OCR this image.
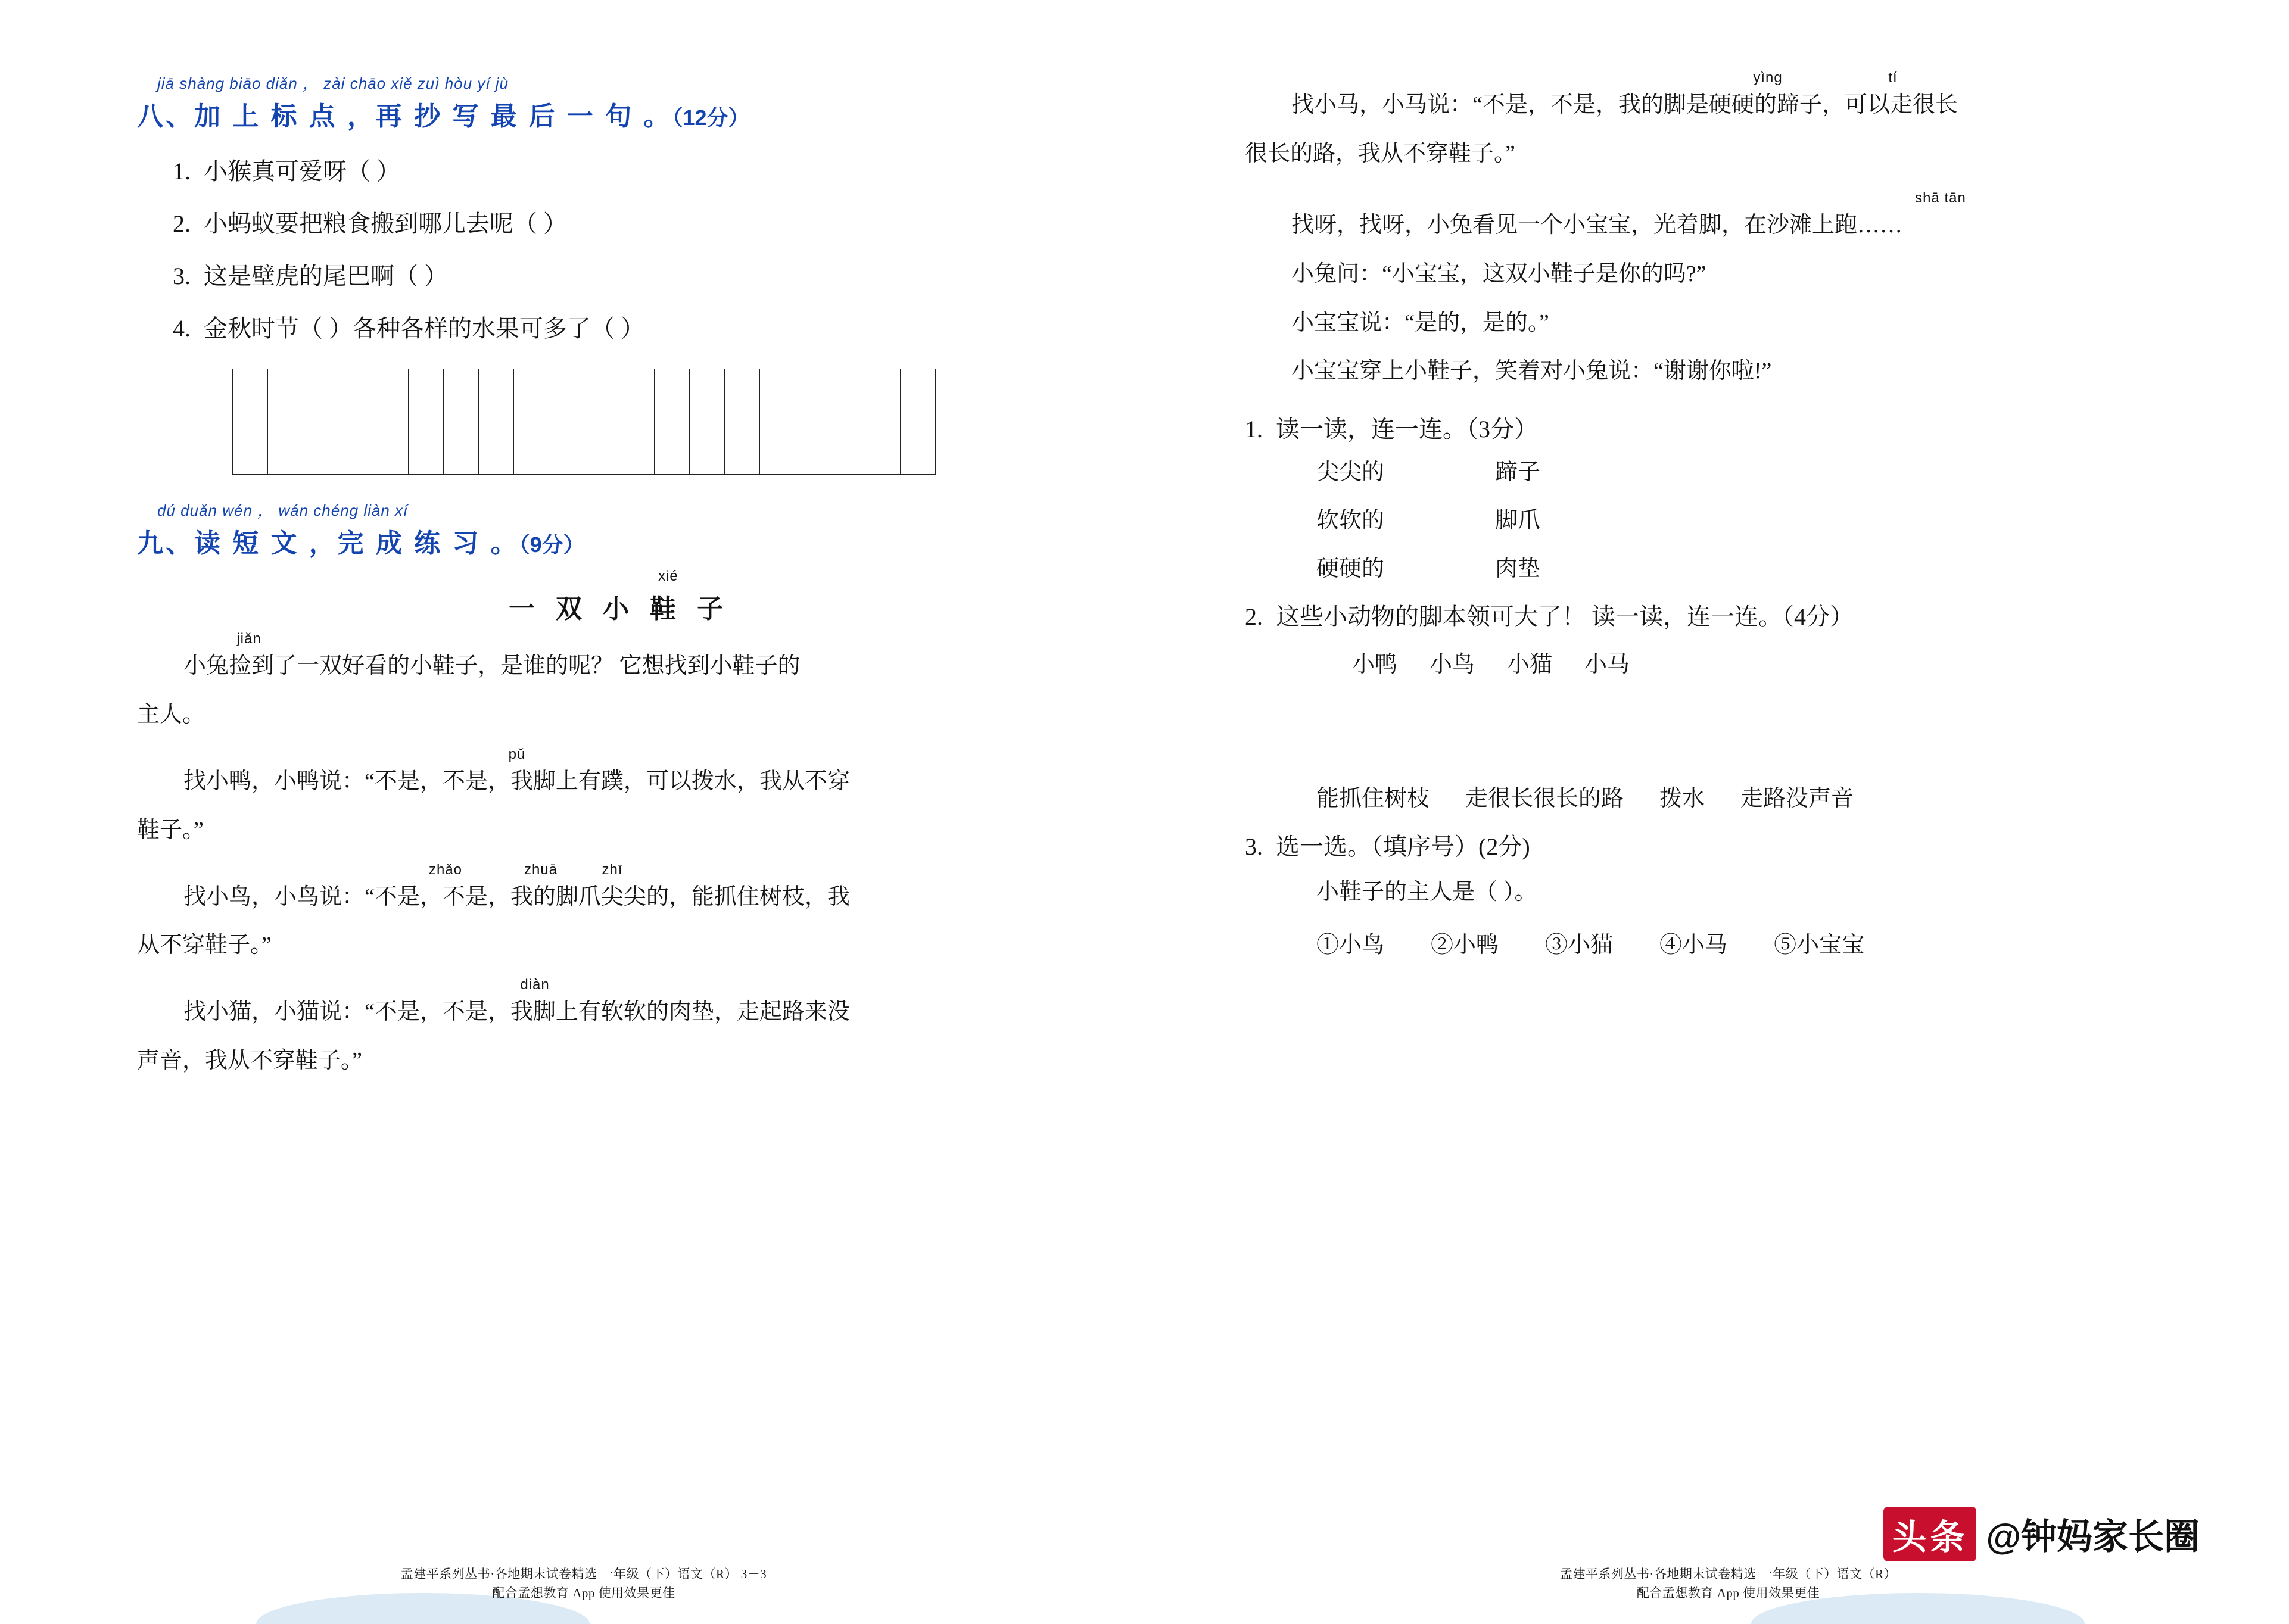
jiā shàng biāo diǎn ， zài chāo xiě zuì hòu yí jù
八、加 上 标 点 ，再 抄 写 最 后 一 句 。（12分）
1. 小猴真可爱呀（ ）
2. 小蚂蚁要把粮食搬到哪儿去呢（ ）
3. 这是壁虎的尾巴啊（ ）
4. 金秋时节（ ）各种各样的水果可多了（ ）

dú duǎn wén ， wán chéng liàn xí
九、读 短 文 ，完 成 练 习 。（9分）
xié
一 双 小 鞋 子
jiǎn
小兔捡到了一双好看的小鞋子，是谁的呢？ 它想找到小鞋子的
主人。
pǔ
找小鸭，小鸭说：“不是，不是，我脚上有蹼，可以拨水，我从不穿
鞋子。”
zhǎo	zhuā	zhī
找小鸟，小鸟说：“不是，不是，我的脚爪尖尖的，能抓住树枝，我
从不穿鞋子。”
diàn
找小猫，小猫说：“不是，不是，我脚上有软软的肉垫，走起路来没
声音，我从不穿鞋子。”
孟建平系列丛书·各地期末试卷精选 一年级（下）语文（R） 3－3
配合孟想教育 App 使用效果更佳
yìng	tí
找小马，小马说：“不是，不是，我的脚是硬硬的蹄子，可以走很长
很长的路，我从不穿鞋子。”
shā tān
找呀，找呀，小兔看见一个小宝宝，光着脚，在沙滩上跑……
小兔问：“小宝宝，这双小鞋子是你的吗?”
小宝宝说：“是的，是的。”
小宝宝穿上小鞋子，笑着对小兔说：“谢谢你啦!”
1. 读一读，连一连。（3分）
尖尖的	蹄子
软软的	脚爪
硬硬的	肉垫
2. 这些小动物的脚本领可大了！ 读一读，连一连。（4分）
小鸭 小鸟 小猫 小马
能抓住树枝 走很长很长的路 拨水 走路没声音
3. 选一选。（填序号）(2分)
小鞋子的主人是（ ）。
①小鸟 ②小鸭 ③小猫 ④小马 ⑤小宝宝
孟建平系列丛书·各地期末试卷精选 一年级（下）语文（R）
配合孟想教育 App 使用效果更佳
头条 @钟妈家长圈
